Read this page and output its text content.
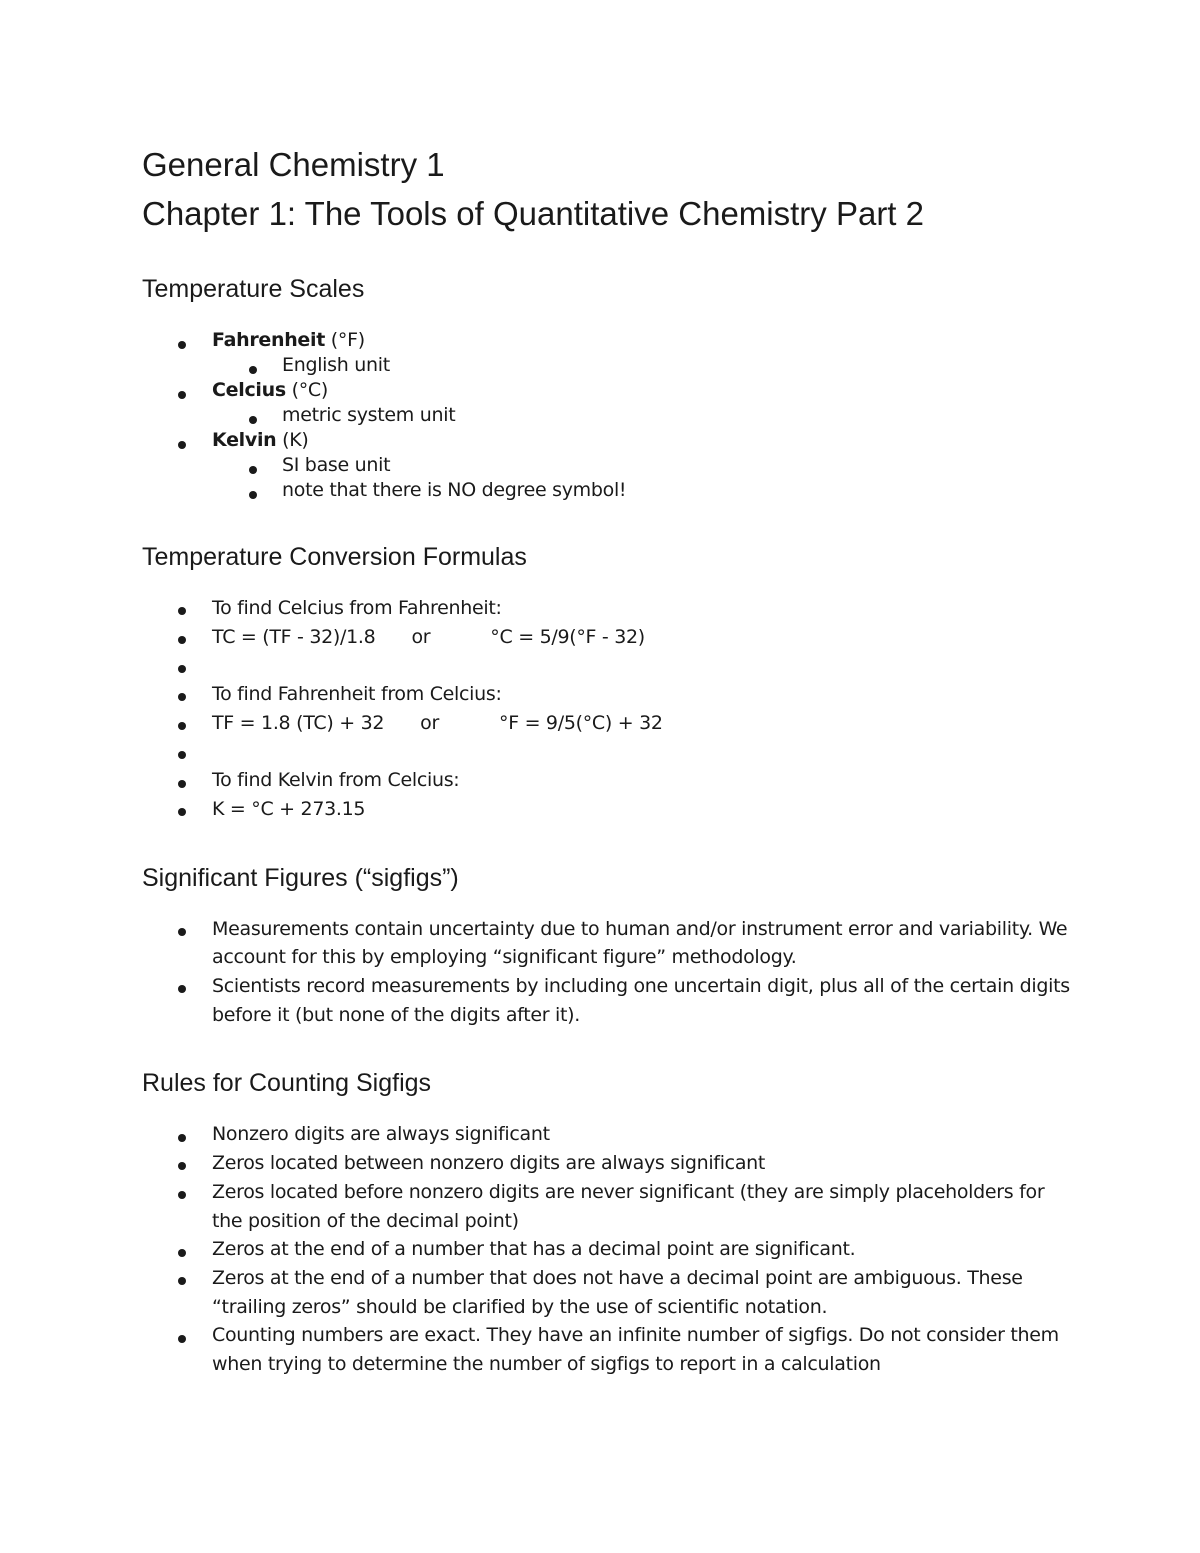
General Chemistry 1
Chapter 1: The Tools of Quantitative Chemistry Part 2
Temperature Scales
Fahrenheit (°F)
English unit
Celcius (°C)
metric system unit
Kelvin (K)
SI base unit
note that there is NO degree symbol!
Temperature Conversion Formulas
To find Celcius from Fahrenheit:
TC = (TF - 32)/1.8 or	°C = 5/9(°F - 32)

To find Fahrenheit from Celcius:
TF = 1.8 (TC) + 32 or	°F = 9/5(°C) + 32

To find Kelvin from Celcius:
K = °C + 273.15
Significant Figures (“sigfigs”)
Measurements contain uncertainty due to human and/or instrument error and variability. We account for this by employing “significant figure” methodology.
Scientists record measurements by including one uncertain digit, plus all of the certain digits before it (but none of the digits after it).
Rules for Counting Sigfigs
Nonzero digits are always significant
Zeros located between nonzero digits are always significant
Zeros located before nonzero digits are never significant (they are simply placeholders for the position of the decimal point)
Zeros at the end of a number that has a decimal point are significant.
Zeros at the end of a number that does not have a decimal point are ambiguous. These “trailing zeros” should be clarified by the use of scientific notation.
Counting numbers are exact. They have an infinite number of sigfigs. Do not consider them when trying to determine the number of sigfigs to report in a calculation
